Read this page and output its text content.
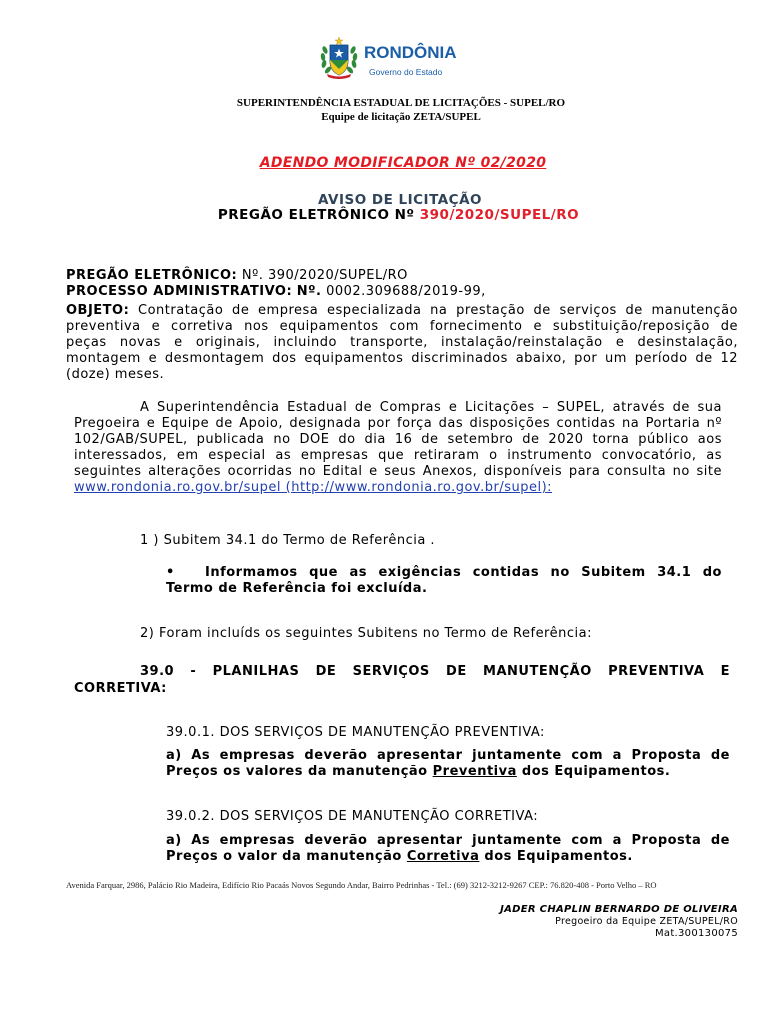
RONDÔNIA
Governo do Estado
SUPERINTENDÊNCIA ESTADUAL DE LICITAÇÕES - SUPEL/RO
Equipe de licitação ZETA/SUPEL
ADENDO MODIFICADOR Nº 02/2020
AVISO DE LICITAÇÃO
PREGÃO ELETRÔNICO Nº 390/2020/SUPEL/RO
PREGÃO ELETRÔNICO: Nº. 390/2020/SUPEL/RO
PROCESSO ADMINISTRATIVO: Nº. 0002.309688/2019-99,
OBJETO: Contratação de empresa especializada na prestação de serviços de manutenção
preventiva e corretiva nos equipamentos com fornecimento e substituição/reposição de
peças novas e originais, incluindo transporte, instalação/reinstalação e desinstalação,
montagem e desmontagem dos equipamentos discriminados abaixo, por um período de 12
(doze) meses.
A Superintendência Estadual de Compras e Licitações – SUPEL, através de sua
Pregoeira e Equipe de Apoio, designada por força das disposições contidas na Portaria nº
102/GAB/SUPEL, publicada no DOE do dia 16 de setembro de 2020 torna público aos
interessados, em especial as empresas que retiraram o instrumento convocatório, as
seguintes alterações ocorridas no Edital e seus Anexos, disponíveis para consulta no site
www.rondonia.ro.gov.br/supel (http://www.rondonia.ro.gov.br/supel):
1 ) Subitem 34.1 do Termo de Referência .
• Informamos que as exigências contidas no Subitem 34.1 do
Termo de Referência foi excluída.
2) Foram incluíds os seguintes Subitens no Termo de Referência:
39.0 - PLANILHAS DE SERVIÇOS DE MANUTENÇÃO PREVENTIVA E
CORRETIVA:
39.0.1. DOS SERVIÇOS DE MANUTENÇÃO PREVENTIVA:
a) As empresas deverão apresentar juntamente com a Proposta de
Preços os valores da manutenção Preventiva dos Equipamentos.
39.0.2. DOS SERVIÇOS DE MANUTENÇÃO CORRETIVA:
a) As empresas deverão apresentar juntamente com a Proposta de
Preços o valor da manutenção Corretiva dos Equipamentos.
Avenida Farquar, 2986, Palácio Rio Madeira, Edifício Rio Pacaás Novos Segundo Andar, Bairro Pedrinhas - Tel.: (69) 3212-3212-9267 CEP.: 76.820-408 - Porto Velho – RO
JADER CHAPLIN BERNARDO DE OLIVEIRA
Pregoeiro da Equipe ZETA/SUPEL/RO
Mat.300130075
